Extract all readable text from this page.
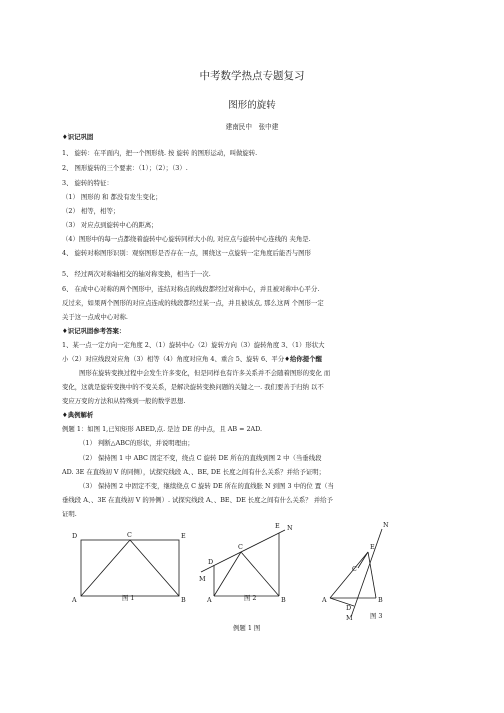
中考数学热点专题复习
图形的旋转
建南民中　张中建
♦识记巩固
1、 旋转：在平面内，把一个图形绕. 按 旋转 的图形运动，叫做旋转.
2、 图形旋转的三个要素：（1）；（2）；（3）.
3、 旋转的特征：
（1） 图形的 和 都没有发生变化；
（2） 相等，相等；
（3） 对应点到旋转中心的距离；
（4）图形中的每一点都绕着旋转中心旋转同样大小的, 对应点与旋转中心连线的 夹角是.
4、 旋转对称图形识别：观察图形是否存在一点，围绕这一点旋转一定角度后能否与图形
5、 经过两次对称轴相交的轴对称变换，相当于一次.
6、 在成中心对称的两个图形中，连结对称点的线段都经过对称中心，并且被对称中心平分.
反过来，如果两个图形的对应点连成的线段都经过某一点，并且被该点, 那么这两 个图形一定
关于这一点成中心对称.
♦识记巩固参考答案：
1、某一点一定方向一定角度 2、（1）旋转中心（2）旋转方向（3）旋转角度 3、（1）形状大
小（2）对应线段对应角（3）相等（4）角度对应角 4、重合 5、旋转 6、平分♦给你提个醒
图形在旋转变换过程中会发生许多变化，但是同样也有许多关系并不会随着图形的变化 而
变化，这就是旋转变换中的不变关系，是解决旋转变换问题的关键之一. 我们要善于归纳 以不
变应万变的方法和从特殊到一般的数学思想.
♦典例解析
例题 1：如图 1,已知矩形 ABED,点. 是边 DE 的中点，且 AB = 2AD.
（1） 判断△ABC的形状，并说明理由；
（2） 保持图 1 中 ABC 固定不变，绕点 C 旋转 DE 所在的直线到图 2 中（当垂线段
AD. 3E 在直线初 V 的同侧），试探究线段 A、、BE, DE 长度之间有什么关系？并给予证明；
（3） 保持图 2 中固定不变，继续绕点 C 旋转 DE 所在的直线胀 N 到图 3 中的位 置（当
垂线段 A、、3E 在直线初 V 的异侧）. 试探究线段 A、、BE、DE 长度之间有什么关系？ 并给予
证明.
D	C	E
A	B
M
D
C
E N
A	B
N
E
C
D
M
A	B
图 1	图 2
图 3
例题 1 图
